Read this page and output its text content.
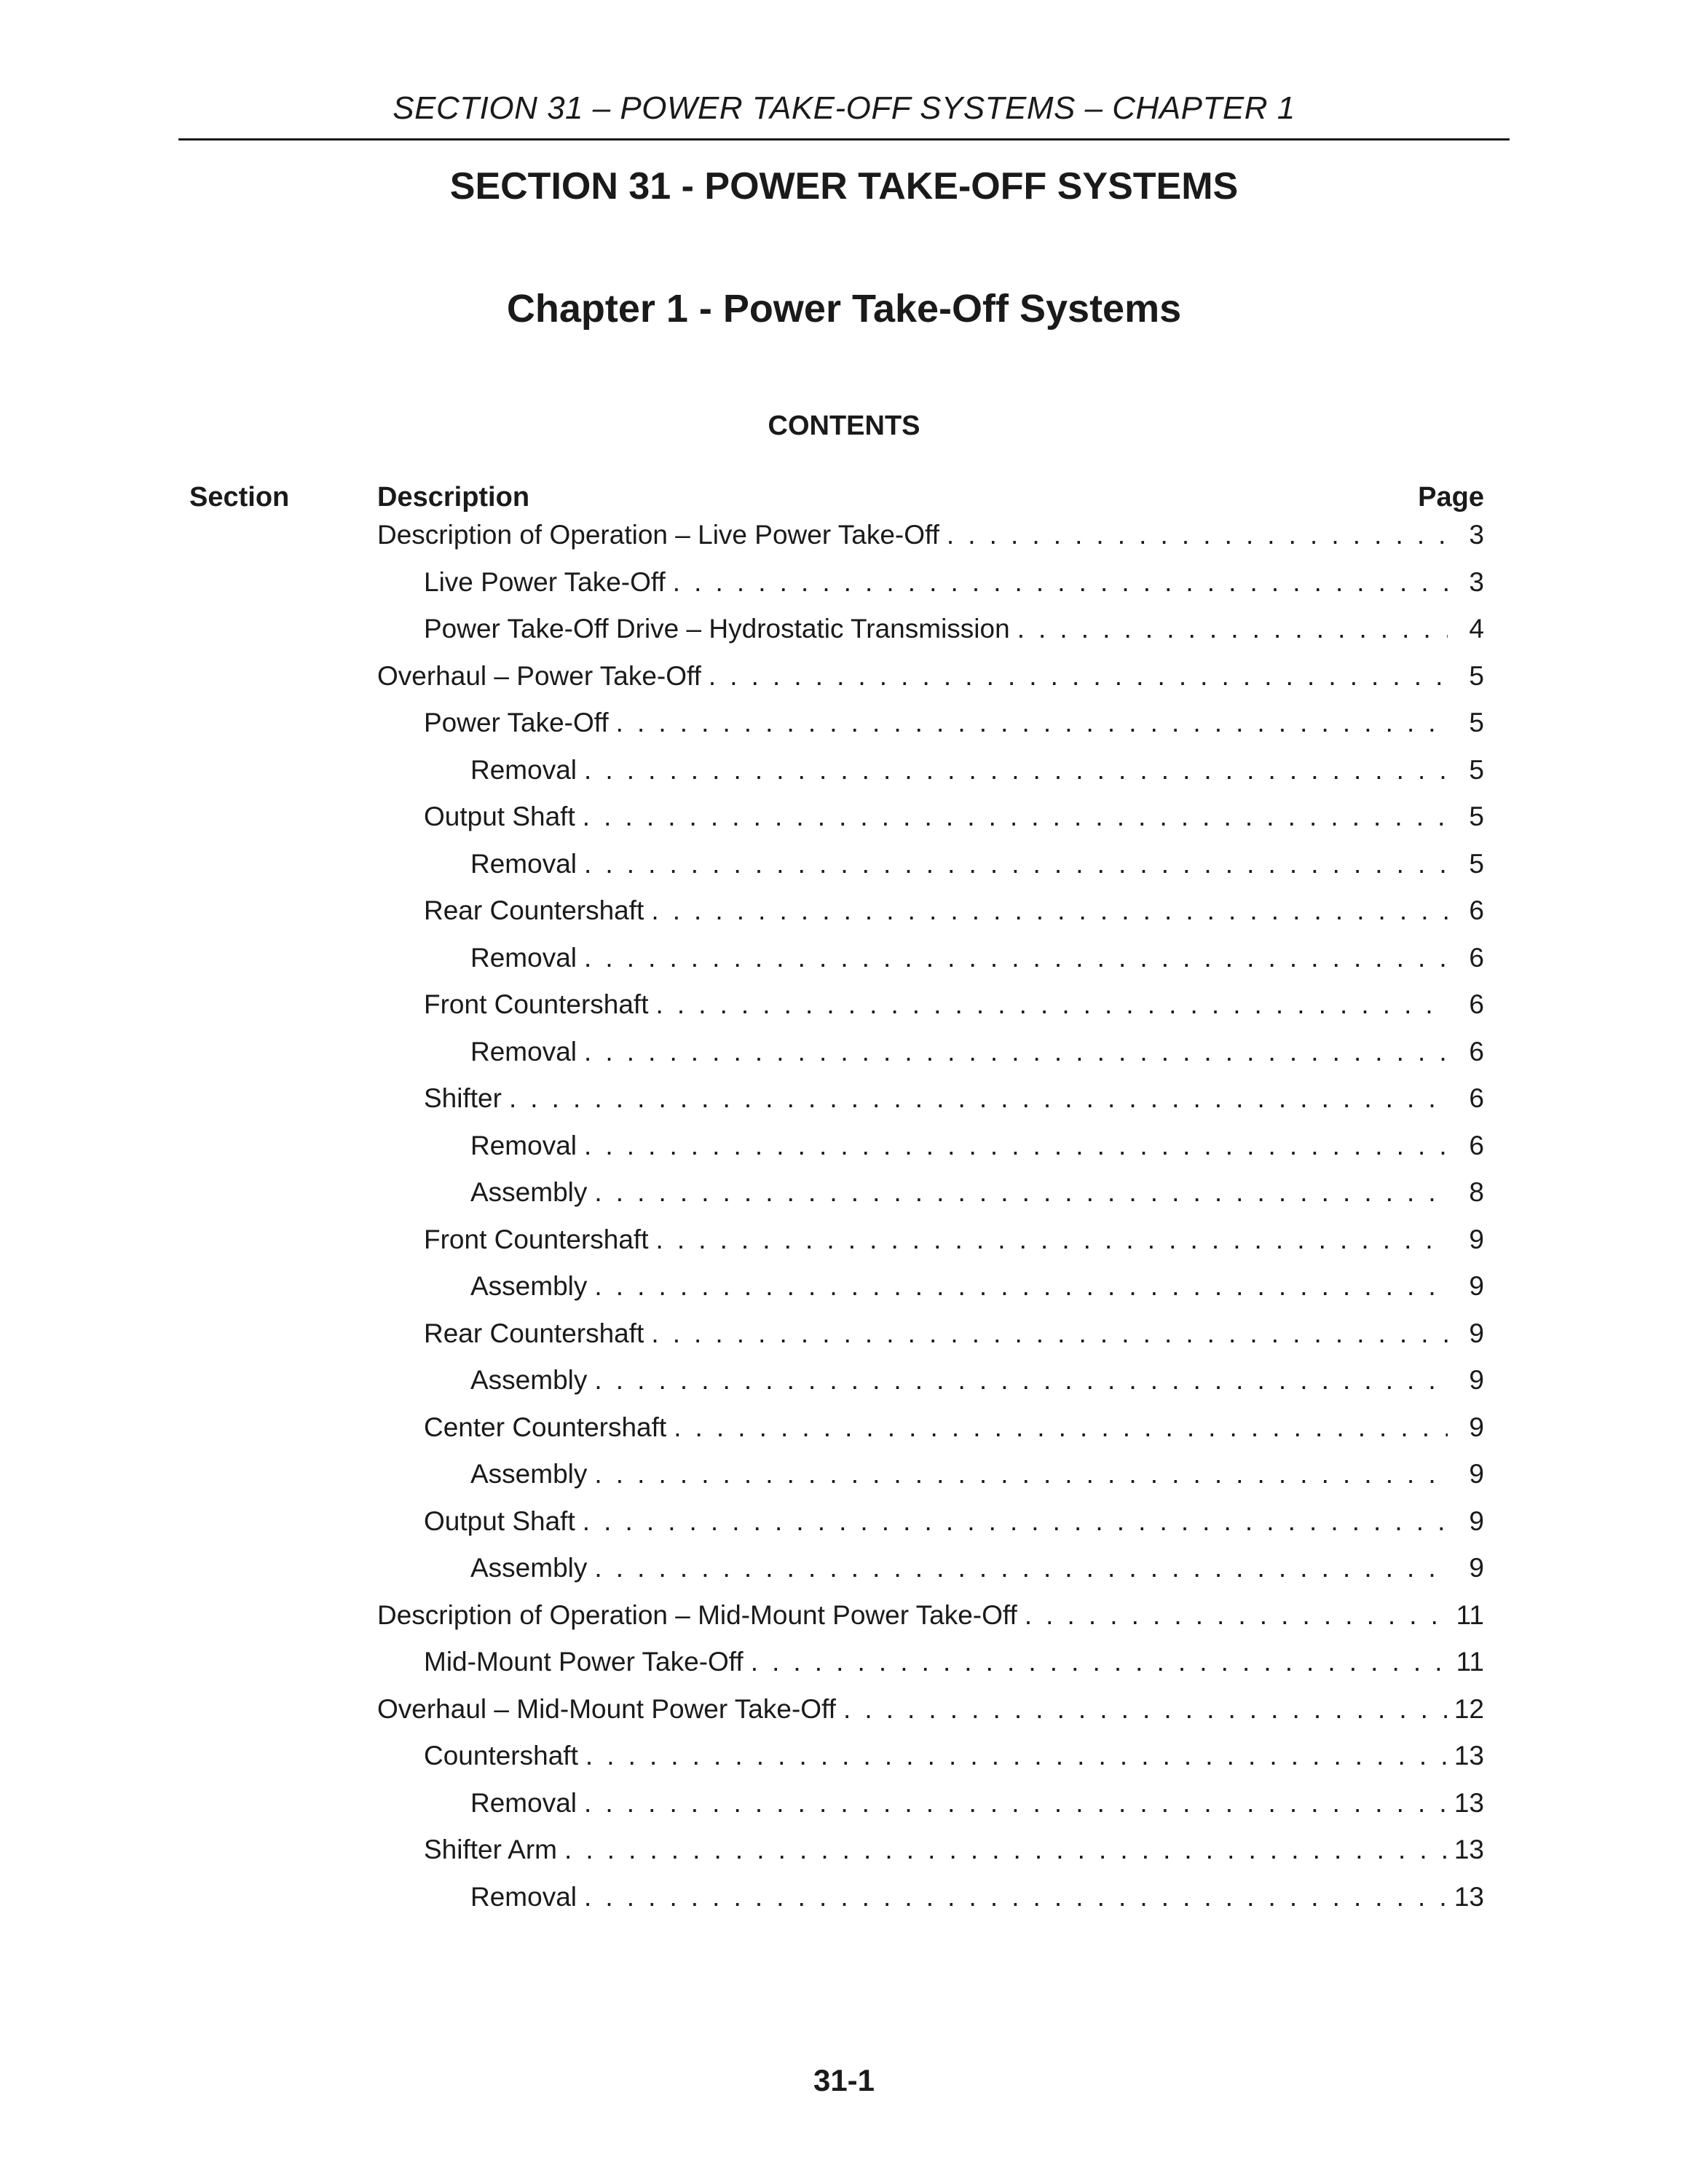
SECTION 31 – POWER TAKE-OFF SYSTEMS – CHAPTER 1
SECTION 31 - POWER TAKE-OFF SYSTEMS
Chapter 1 - Power Take-Off Systems
CONTENTS
Section	Description	Page
Description of Operation – Live Power Take-Off . . .	3
Live Power Take-Off . . .	3
Power Take-Off Drive – Hydrostatic Transmission . . .	4
Overhaul – Power Take-Off . . .	5
Power Take-Off . . .	5
Removal . . .	5
Output Shaft . . .	5
Removal . . .	5
Rear Countershaft . . .	6
Removal . . .	6
Front Countershaft . . .	6
Removal . . .	6
Shifter . . .	6
Removal . . .	6
Assembly . . .	8
Front Countershaft . . .	9
Assembly . . .	9
Rear Countershaft . . .	9
Assembly . . .	9
Center Countershaft . . .	9
Assembly . . .	9
Output Shaft . . .	9
Assembly . . .	9
Description of Operation – Mid-Mount Power Take-Off . . .	11
Mid-Mount Power Take-Off . . .	11
Overhaul – Mid-Mount Power Take-Off . . .	12
Countershaft . . .	13
Removal . . .	13
Shifter Arm . . .	13
Removal . . .	13
31-1
